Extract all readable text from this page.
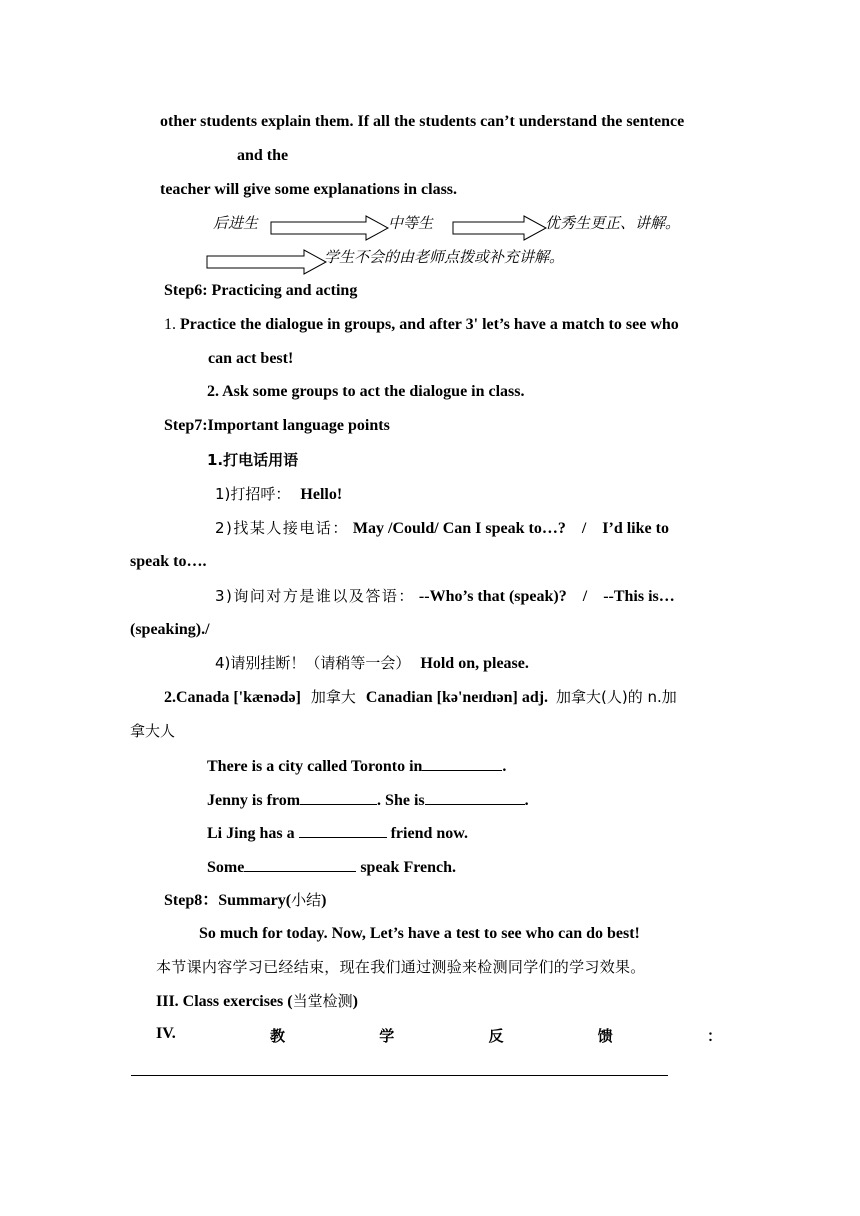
other students explain them. If all the students can’t understand the sentence
and the
teacher will give some explanations in class.
后进生	中等生	优秀生更正、讲解。
学生不会的由老师点拨或补充讲解。
Step6: Practicing and acting
1. Practice the dialogue in groups, and after 3' let’s have a match to see who
can act best!
2. Ask some groups to act the dialogue in class.
Step7:Important language points
1.打电话用语
1)打招呼： Hello!
2)找某人接电话： May /Could/ Can I speak to…?    /    I’d like to
speak to….
3)询问对方是谁以及答语： --Who’s that (speak)?    /    --This is…
(speaking)./
4)请别挂断！（请稍等一会） Hold on, please.
2.Canada ['kænədə] 加拿大 Canadian [kə'neɪdɪən] adj. 加拿大(人)的 n.加
拿大人
There is a city called Toronto in	.
Jenny is from	. She is	.
Li Jing has a	friend now.
Some	speak French.
Step8：Summary(小结)
So much for today. Now, Let’s have a test to see who can do best!
本节课内容学习已经结束，现在我们通过测验来检测同学们的学习效果。
III. Class exercises (当堂检测)
IV.	教	学	反	馈	：
